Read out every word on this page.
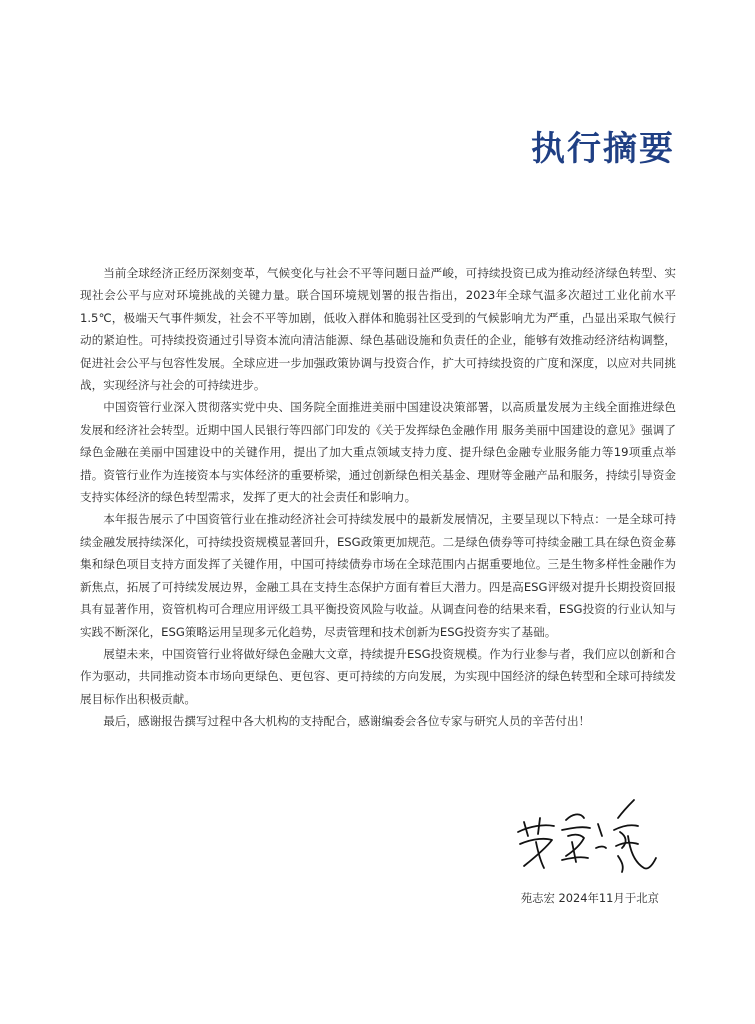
执行摘要

当前全球经济正经历深刻变革，气候变化与社会不平等问题日益严峻，可持续投资已成为推动经济绿色转型、实现社会公平与应对环境挑战的关键力量。联合国环境规划署的报告指出，2023年全球气温多次超过工业化前水平1.5℃，极端天气事件频发，社会不平等加剧，低收入群体和脆弱社区受到的气候影响尤为严重，凸显出采取气候行动的紧迫性。可持续投资通过引导资本流向清洁能源、绿色基础设施和负责任的企业，能够有效推动经济结构调整，促进社会公平与包容性发展。全球应进一步加强政策协调与投资合作，扩大可持续投资的广度和深度，以应对共同挑战，实现经济与社会的可持续进步。

中国资管行业深入贯彻落实党中央、国务院全面推进美丽中国建设决策部署，以高质量发展为主线全面推进绿色发展和经济社会转型。近期中国人民银行等四部门印发的《关于发挥绿色金融作用 服务美丽中国建设的意见》强调了绿色金融在美丽中国建设中的关键作用，提出了加大重点领域支持力度、提升绿色金融专业服务能力等19项重点举措。资管行业作为连接资本与实体经济的重要桥梁，通过创新绿色相关基金、理财等金融产品和服务，持续引导资金支持实体经济的绿色转型需求，发挥了更大的社会责任和影响力。

本年报告展示了中国资管行业在推动经济社会可持续发展中的最新发展情况，主要呈现以下特点：一是全球可持续金融发展持续深化，可持续投资规模显著回升，ESG政策更加规范。二是绿色债券等可持续金融工具在绿色资金募集和绿色项目支持方面发挥了关键作用，中国可持续债券市场在全球范围内占据重要地位。三是生物多样性金融作为新焦点，拓展了可持续发展边界，金融工具在支持生态保护方面有着巨大潜力。四是高ESG评级对提升长期投资回报具有显著作用，资管机构可合理应用评级工具平衡投资风险与收益。从调查问卷的结果来看，ESG投资的行业认知与实践不断深化，ESG策略运用呈现多元化趋势，尽责管理和技术创新为ESG投资夯实了基础。

展望未来，中国资管行业将做好绿色金融大文章，持续提升ESG投资规模。作为行业参与者，我们应以创新和合作为驱动，共同推动资本市场向更绿色、更包容、更可持续的方向发展，为实现中国经济的绿色转型和全球可持续发展目标作出积极贡献。

最后，感谢报告撰写过程中各大机构的支持配合，感谢编委会各位专家与研究人员的辛苦付出！

苑志宏 2024年11月于北京
